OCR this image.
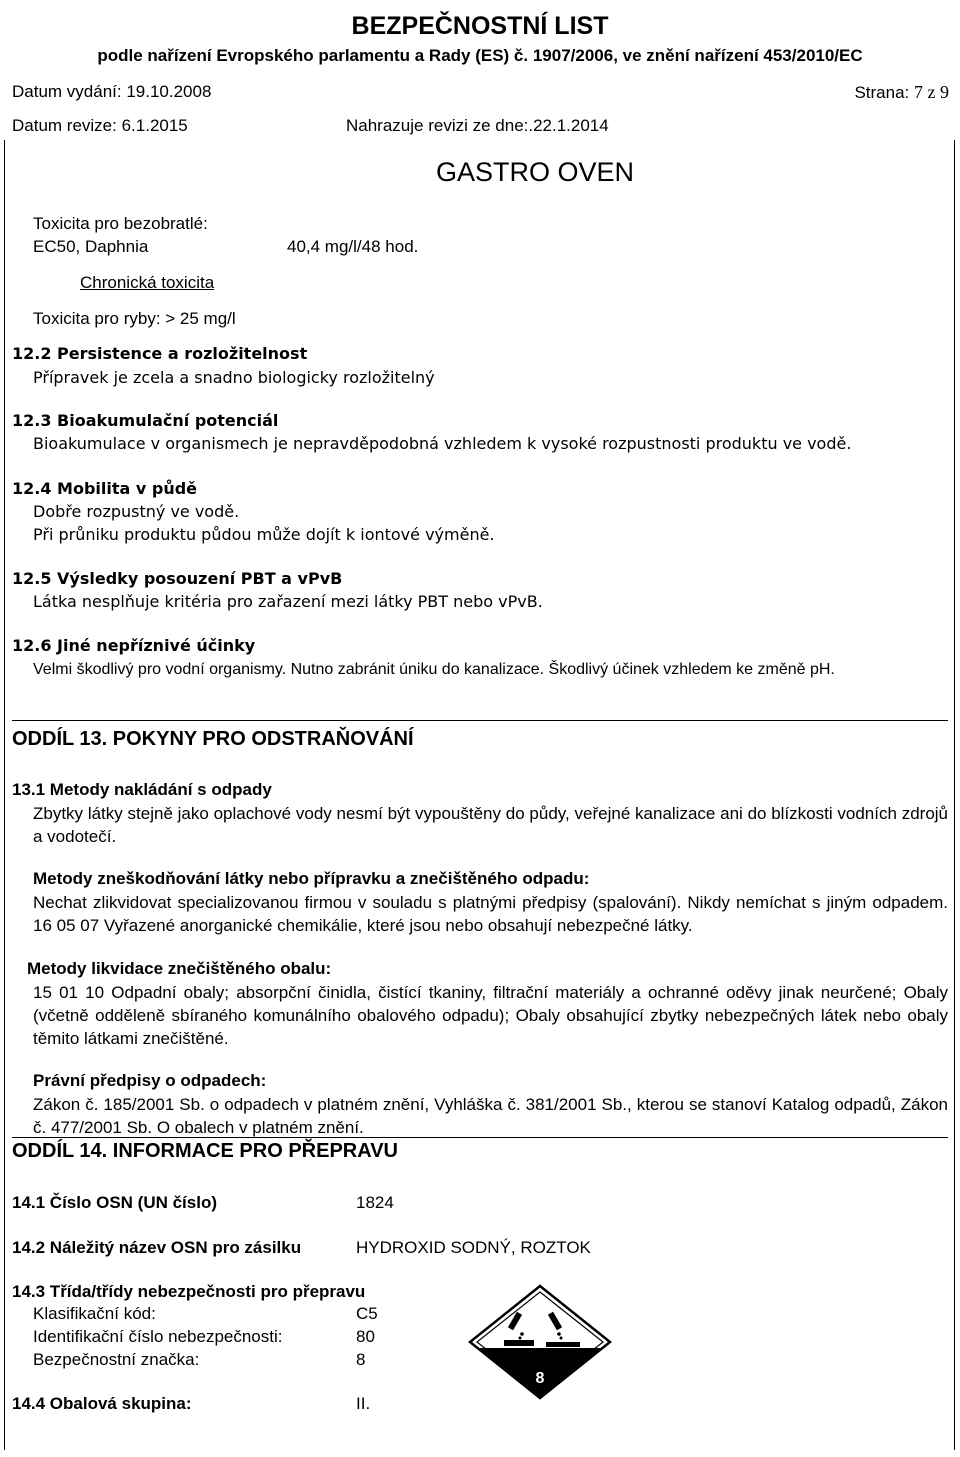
BEZPEČNOSTNÍ LIST
podle nařízení Evropského parlamentu a Rady (ES) č. 1907/2006, ve znění nařízení 453/2010/EC
Datum vydání: 19.10.2008	Strana: 7 z 9
Datum revize: 6.1.2015	Nahrazuje revizi ze dne:.22.1.2014
GASTRO OVEN
Toxicita pro bezobratlé:
EC50, Daphnia	40,4 mg/l/48 hod.
Chronická toxicita
Toxicita pro ryby: > 25 mg/l
12.2 Persistence a rozložitelnost
Přípravek je zcela a snadno biologicky rozložitelný
12.3 Bioakumulační potenciál
Bioakumulace v organismech je nepravděpodobná vzhledem k vysoké rozpustnosti produktu ve vodě.
12.4 Mobilita v půdě
Dobře rozpustný ve vodě.
Při průniku produktu půdou může dojít k iontové výměně.
12.5 Výsledky posouzení PBT a vPvB
Látka nesplňuje kritéria pro zařazení mezi látky PBT nebo vPvB.
12.6 Jiné nepříznivé účinky
Velmi škodlivý pro vodní organismy. Nutno zabránit úniku do kanalizace. Škodlivý účinek vzhledem ke změně pH.
ODDÍL 13. POKYNY PRO ODSTRAŇOVÁNÍ
13.1 Metody nakládání s odpady
Zbytky látky stejně jako oplachové vody nesmí být vypouštěny do půdy, veřejné kanalizace ani do blízkosti vodních zdrojů a vodotečí.
Metody zneškodňování látky nebo přípravku a znečištěného odpadu:
Nechat zlikvidovat specializovanou firmou v souladu s platnými předpisy (spalování). Nikdy nemíchat s jiným odpadem. 16 05 07 Vyřazené anorganické chemikálie, které jsou nebo obsahují nebezpečné látky.
Metody likvidace znečištěného obalu:
15 01 10 Odpadní obaly; absorpční činidla, čistící tkaniny, filtrační materiály a ochranné oděvy jinak neurčené; Obaly (včetně odděleně sbíraného komunálního obalového odpadu); Obaly obsahující zbytky nebezpečných látek nebo obaly těmito látkami znečištěné.
Právní předpisy o odpadech:
Zákon č. 185/2001 Sb. o odpadech v platném znění, Vyhláška č. 381/2001 Sb., kterou se stanoví Katalog odpadů, Zákon č. 477/2001 Sb. O obalech v platném znění.
ODDÍL 14. INFORMACE PRO PŘEPRAVU
14.1 Číslo OSN (UN číslo)	1824
14.2 Náležitý název OSN pro zásilku	HYDROXID SODNÝ, ROZTOK
14.3 Třída/třídy nebezpečnosti pro přepravu
Klasifikační kód:	C5
Identifikační číslo nebezpečnosti:	80
Bezpečnostní značka:	8
14.4 Obalová skupina:	II.
8
